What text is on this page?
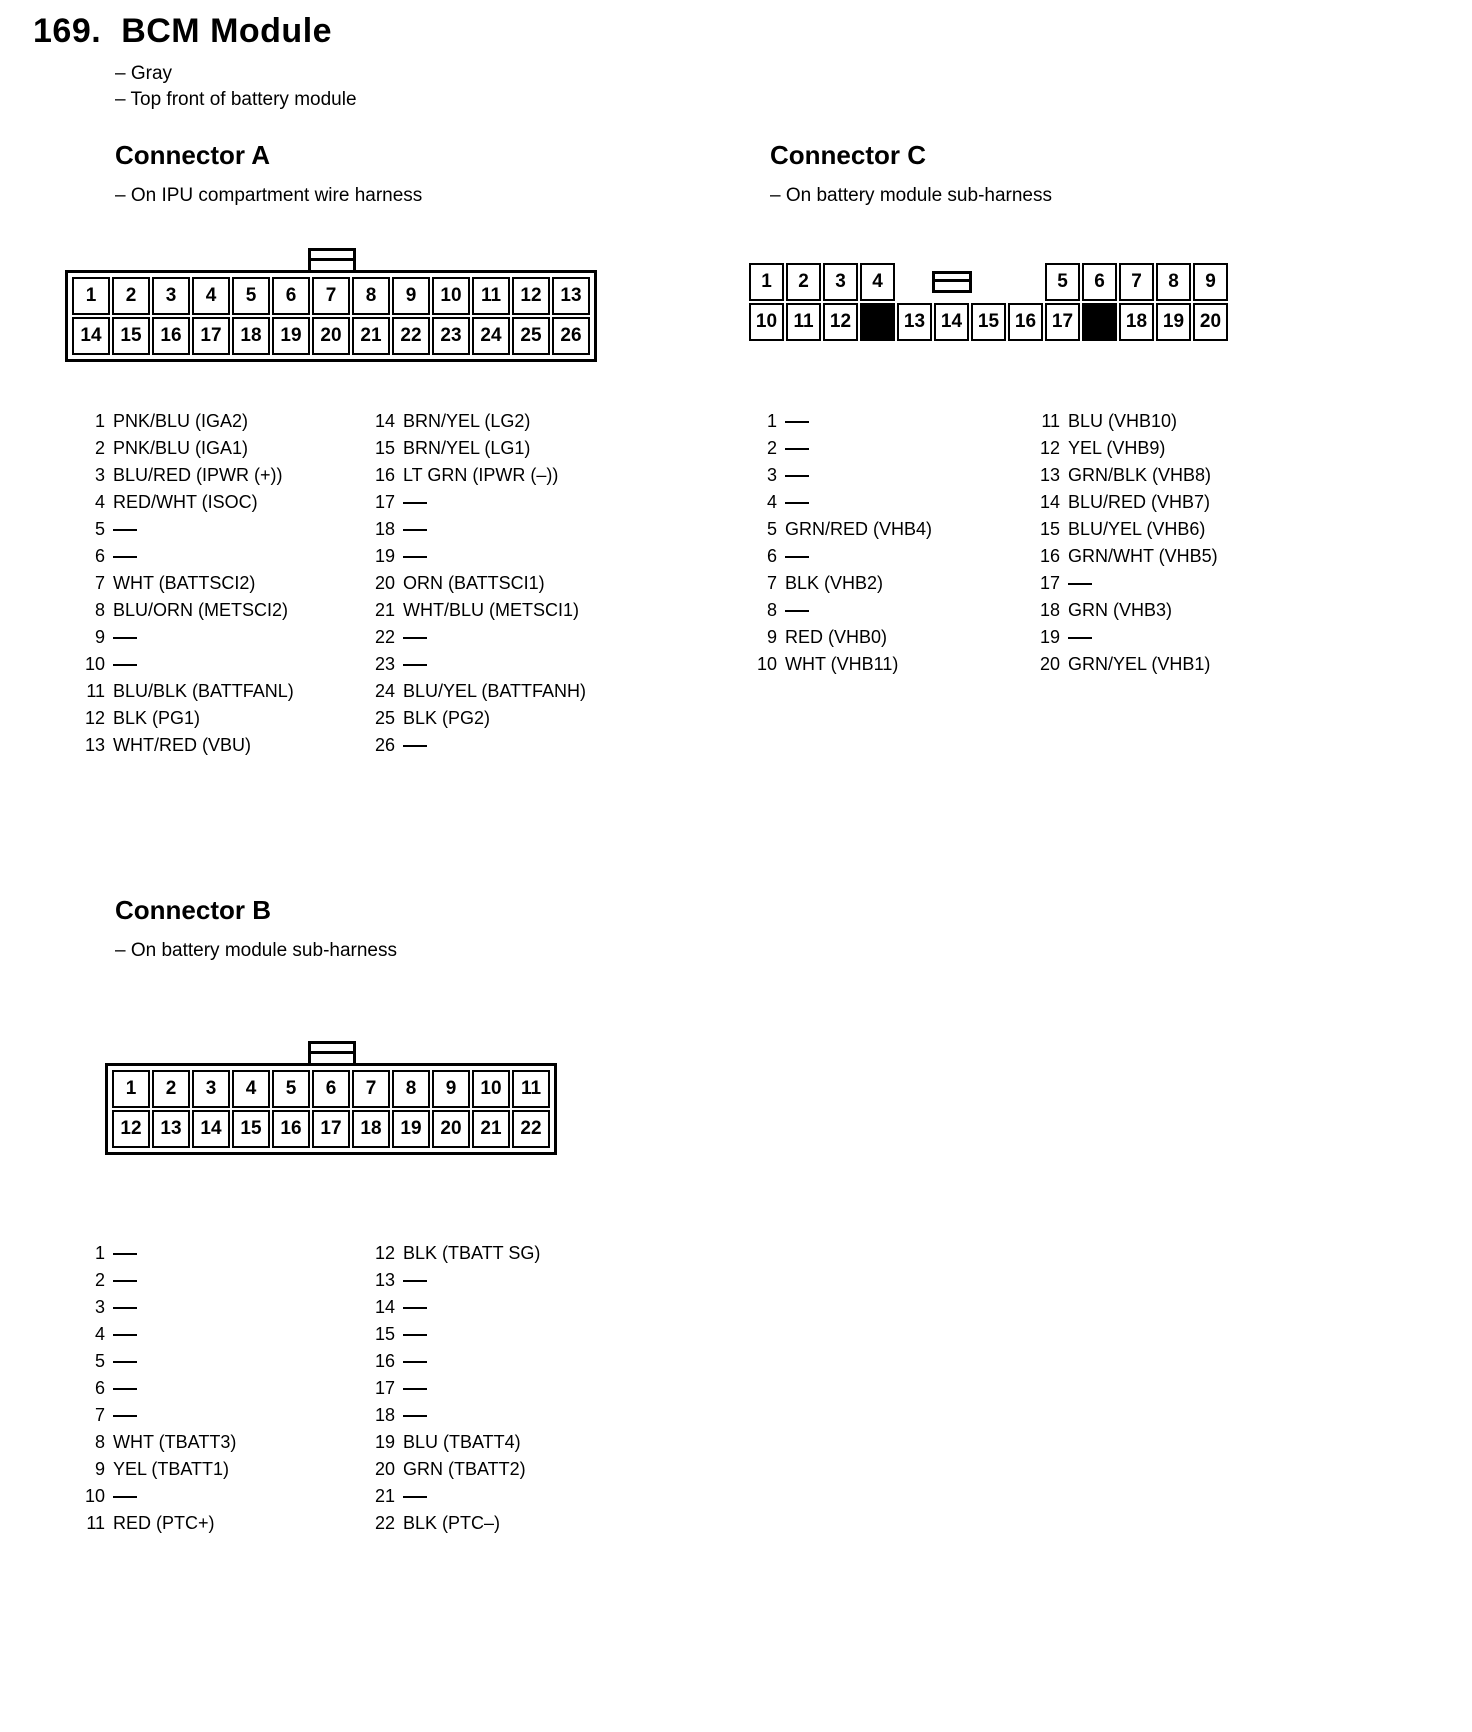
169. BCM Module
– Gray
– Top front of battery module
Connector A
– On IPU compartment wire harness
1	2	3	4	5	6	7	8	9	10	11	12 13
14 15 16 17 18 19 20 21 22 23 24 25 26
1 PNK/BLU (IGA2)
2 PNK/BLU (IGA1)
3 BLU/RED (IPWR (+))
4 RED/WHT (ISOC)
5
6
7 WHT (BATTSCI2)
8 BLU/ORN (METSCI2)
9
10
11 BLU/BLK (BATTFANL)
12 BLK (PG1)
13 WHT/RED (VBU)
14 BRN/YEL (LG2)
15 BRN/YEL (LG1)
16 LT GRN (IPWR (–))
17
18
19
20 ORN (BATTSCI1)
21 WHT/BLU (METSCI1)
22
23
24 BLU/YEL (BATTFANH)
25 BLK (PG2)
26
Connector C
– On battery module sub-harness
1	2	3	4	5	6	7	8	9
10 11 12	13 14 15 16 17	18 19 20
1
2
3
4
5 GRN/RED (VHB4)
6
7 BLK (VHB2)
8
9 RED (VHB0)
10 WHT (VHB11)
11 BLU (VHB10)
12 YEL (VHB9)
13 GRN/BLK (VHB8)
14 BLU/RED (VHB7)
15 BLU/YEL (VHB6)
16 GRN/WHT (VHB5)
17
18 GRN (VHB3)
19
20 GRN/YEL (VHB1)
Connector B
– On battery module sub-harness
1	2	3	4	5	6	7	8	9	10	11
12 13 14 15 16 17 18 19 20 21 22
1
2
3
4
5
6
7
8 WHT (TBATT3)
9 YEL (TBATT1)
10
11 RED (PTC+)
12 BLK (TBATT SG)
13
14
15
16
17
18
19 BLU (TBATT4)
20 GRN (TBATT2)
21
22 BLK (PTC–)
